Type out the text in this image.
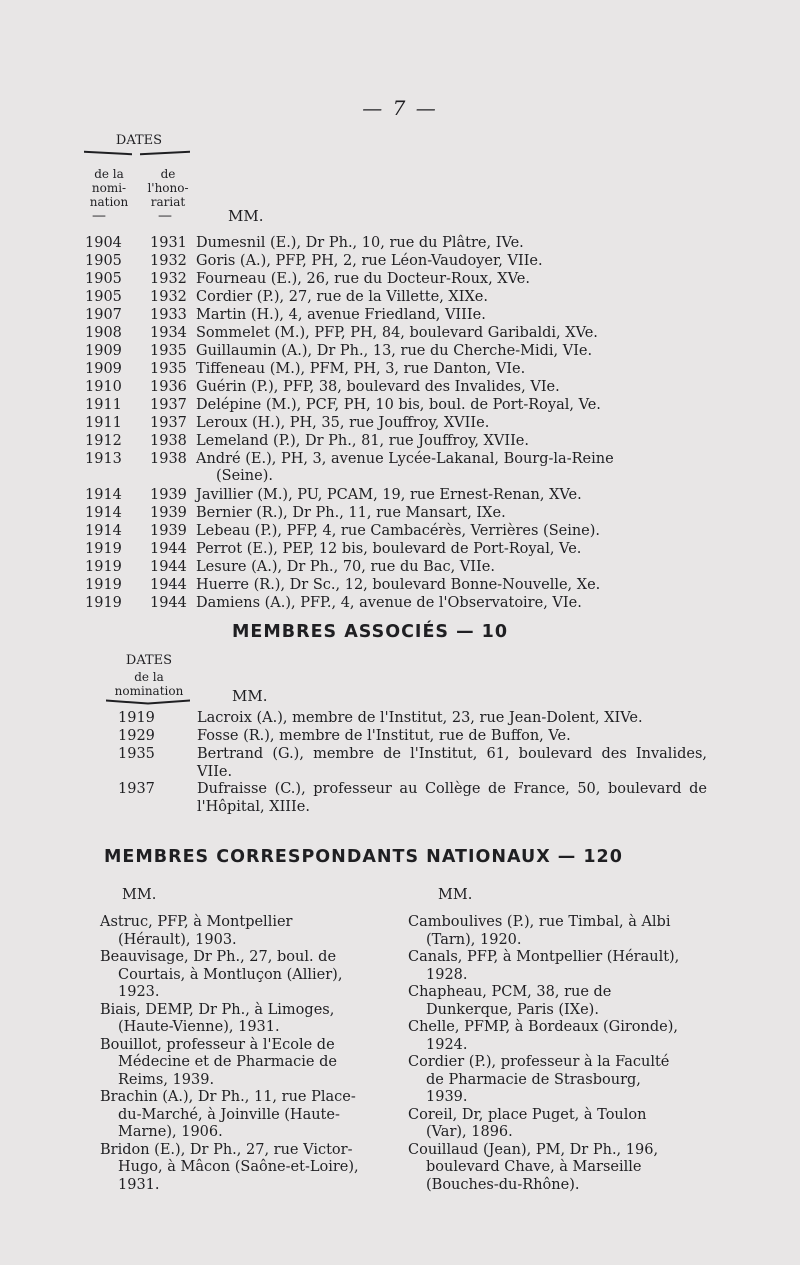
— 7 —
DATES
de la
nomi-
nation
de
l'hono-
rariat
—	—	MM.
1904 1931 Dumesnil (E.), Dr Ph., 10, rue du Plâtre, IVe.
1905 1932 Goris (A.), PFP, PH, 2, rue Léon-Vaudoyer, VIIe.
1905 1932 Fourneau (E.), 26, rue du Docteur-Roux, XVe.
1905 1932 Cordier (P.), 27, rue de la Villette, XIXe.
1907 1933 Martin (H.), 4, avenue Friedland, VIIIe.
1908 1934 Sommelet (M.), PFP, PH, 84, boulevard Garibaldi, XVe.
1909 1935 Guillaumin (A.), Dr Ph., 13, rue du Cherche-Midi, VIe.
1909 1935 Tiffeneau (M.), PFM, PH, 3, rue Danton, VIe.
1910 1936 Guérin (P.), PFP, 38, boulevard des Invalides, VIe.
1911 1937 Delépine (M.), PCF, PH, 10 bis, boul. de Port-Royal, Ve.
1911 1937 Leroux (H.), PH, 35, rue Jouffroy, XVIIe.
1912 1938 Lemeland (P.), Dr Ph., 81, rue Jouffroy, XVIIe.
1913 1938 André (E.), PH, 3, avenue Lycée-Lakanal, Bourg-la-Reine
(Seine).
1914 1939 Javillier (M.), PU, PCAM, 19, rue Ernest-Renan, XVe.
1914 1939 Bernier (R.), Dr Ph., 11, rue Mansart, IXe.
1914 1939 Lebeau (P.), PFP, 4, rue Cambacérès, Verrières (Seine).
1919 1944 Perrot (E.), PEP, 12 bis, boulevard de Port-Royal, Ve.
1919 1944 Lesure (A.), Dr Ph., 70, rue du Bac, VIIe.
1919 1944 Huerre (R.), Dr Sc., 12, boulevard Bonne-Nouvelle, Xe.
1919 1944 Damiens (A.), PFP., 4, avenue de l'Observatoire, VIe.
MEMBRES ASSOCIÉS — 10
DATES
de la
nomination	MM.
1919	Lacroix (A.), membre de l'Institut, 23, rue Jean-Dolent, XIVe.
1929	Fosse (R.), membre de l'Institut, rue de Buffon, Ve.
1935	Bertrand (G.), membre de l'Institut, 61, boulevard des Invalides, VIIe.
1937	Dufraisse (C.), professeur au Collège de France, 50, boulevard de l'Hôpital, XIIIe.
MEMBRES CORRESPONDANTS NATIONAUX — 120
MM.	MM.
Astruc, PFP, à Montpellier (Hérault), 1903.
Beauvisage, Dr Ph., 27, boul. de Courtais, à Montluçon (Allier), 1923.
Biais, DEMP, Dr Ph., à Limoges, (Haute-Vienne), 1931.
Bouillot, professeur à l'Ecole de Médecine et de Pharmacie de Reims, 1939.
Brachin (A.), Dr Ph., 11, rue Place-du-Marché, à Joinville (Haute-Marne), 1906.
Bridon (E.), Dr Ph., 27, rue Victor-Hugo, à Mâcon (Saône-et-Loire), 1931.
Camboulives (P.), rue Timbal, à Albi (Tarn), 1920.
Canals, PFP, à Montpellier (Hérault), 1928.
Chapheau, PCM, 38, rue de Dunkerque, Paris (IXe).
Chelle, PFMP, à Bordeaux (Gironde), 1924.
Cordier (P.), professeur à la Faculté de Pharmacie de Strasbourg, 1939.
Coreil, Dr, place Puget, à Toulon (Var), 1896.
Couillaud (Jean), PM, Dr Ph., 196, boulevard Chave, à Marseille (Bouches-du-Rhône).
